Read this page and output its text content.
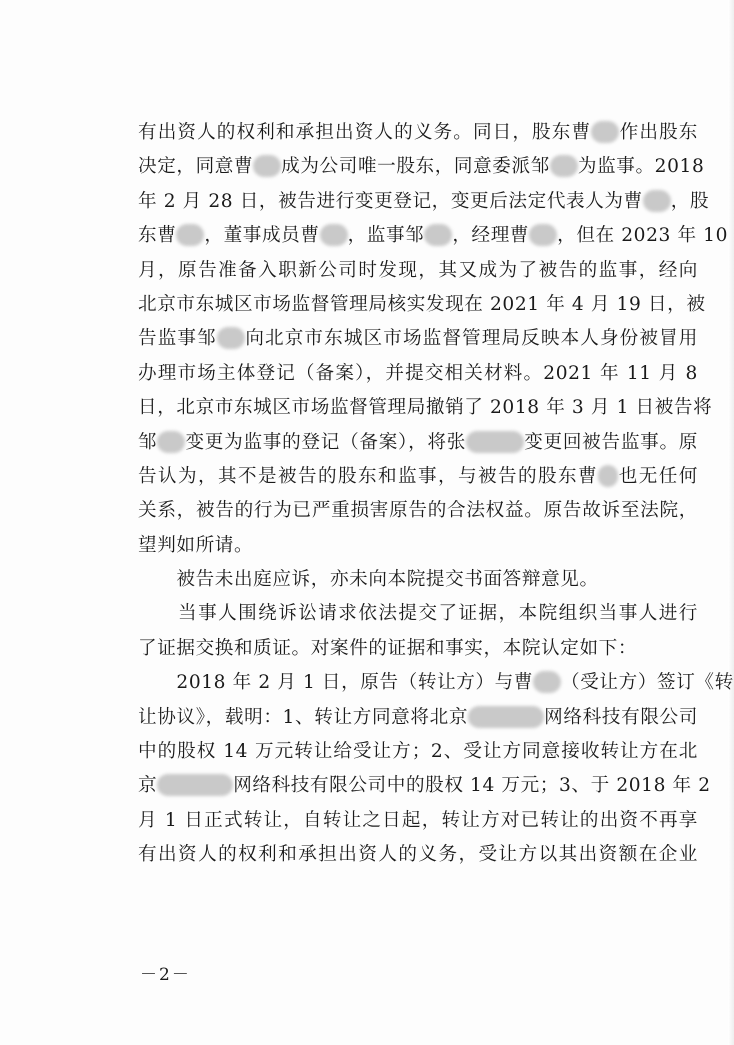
有出资人的权利和承担出资人的义务。同日，股东曹 作出股东
决定，同意曹 成为公司唯一股东，同意委派邹 为监事。2018
年 2 月 28 日，被告进行变更登记，变更后法定代表人为曹 ，股
东曹 ，董事成员曹 ，监事邹 ，经理曹 ，但在 2023 年 10
月，原告准备入职新公司时发现，其又成为了被告的监事，经向
北京市东城区市场监督管理局核实发现在 2021 年 4 月 19 日，被
告监事邹 向北京市东城区市场监督管理局反映本人身份被冒用
办理市场主体登记（备案），并提交相关材料。2021 年 11 月 8
日，北京市东城区市场监督管理局撤销了 2018 年 3 月 1 日被告将
邹 变更为监事的登记（备案），将张	变更回被告监事。原
告认为，其不是被告的股东和监事，与被告的股东曹 也无任何
关系，被告的行为已严重损害原告的合法权益。原告故诉至法院，
望判如所请。
　　被告未出庭应诉，亦未向本院提交书面答辩意见。
　　当事人围绕诉讼请求依法提交了证据，本院组织当事人进行
了证据交换和质证。对案件的证据和事实，本院认定如下：
　　2018 年 2 月 1 日，原告（转让方）与曹 （受让方）签订《转
让协议》，载明：1、转让方同意将北京	网络科技有限公司
中的股权 14 万元转让给受让方；2、受让方同意接收转让方在北
京	网络科技有限公司中的股权 14 万元；3、于 2018 年 2
月 1 日正式转让，自转让之日起，转让方对已转让的出资不再享
有出资人的权利和承担出资人的义务，受让方以其出资额在企业
－2－
